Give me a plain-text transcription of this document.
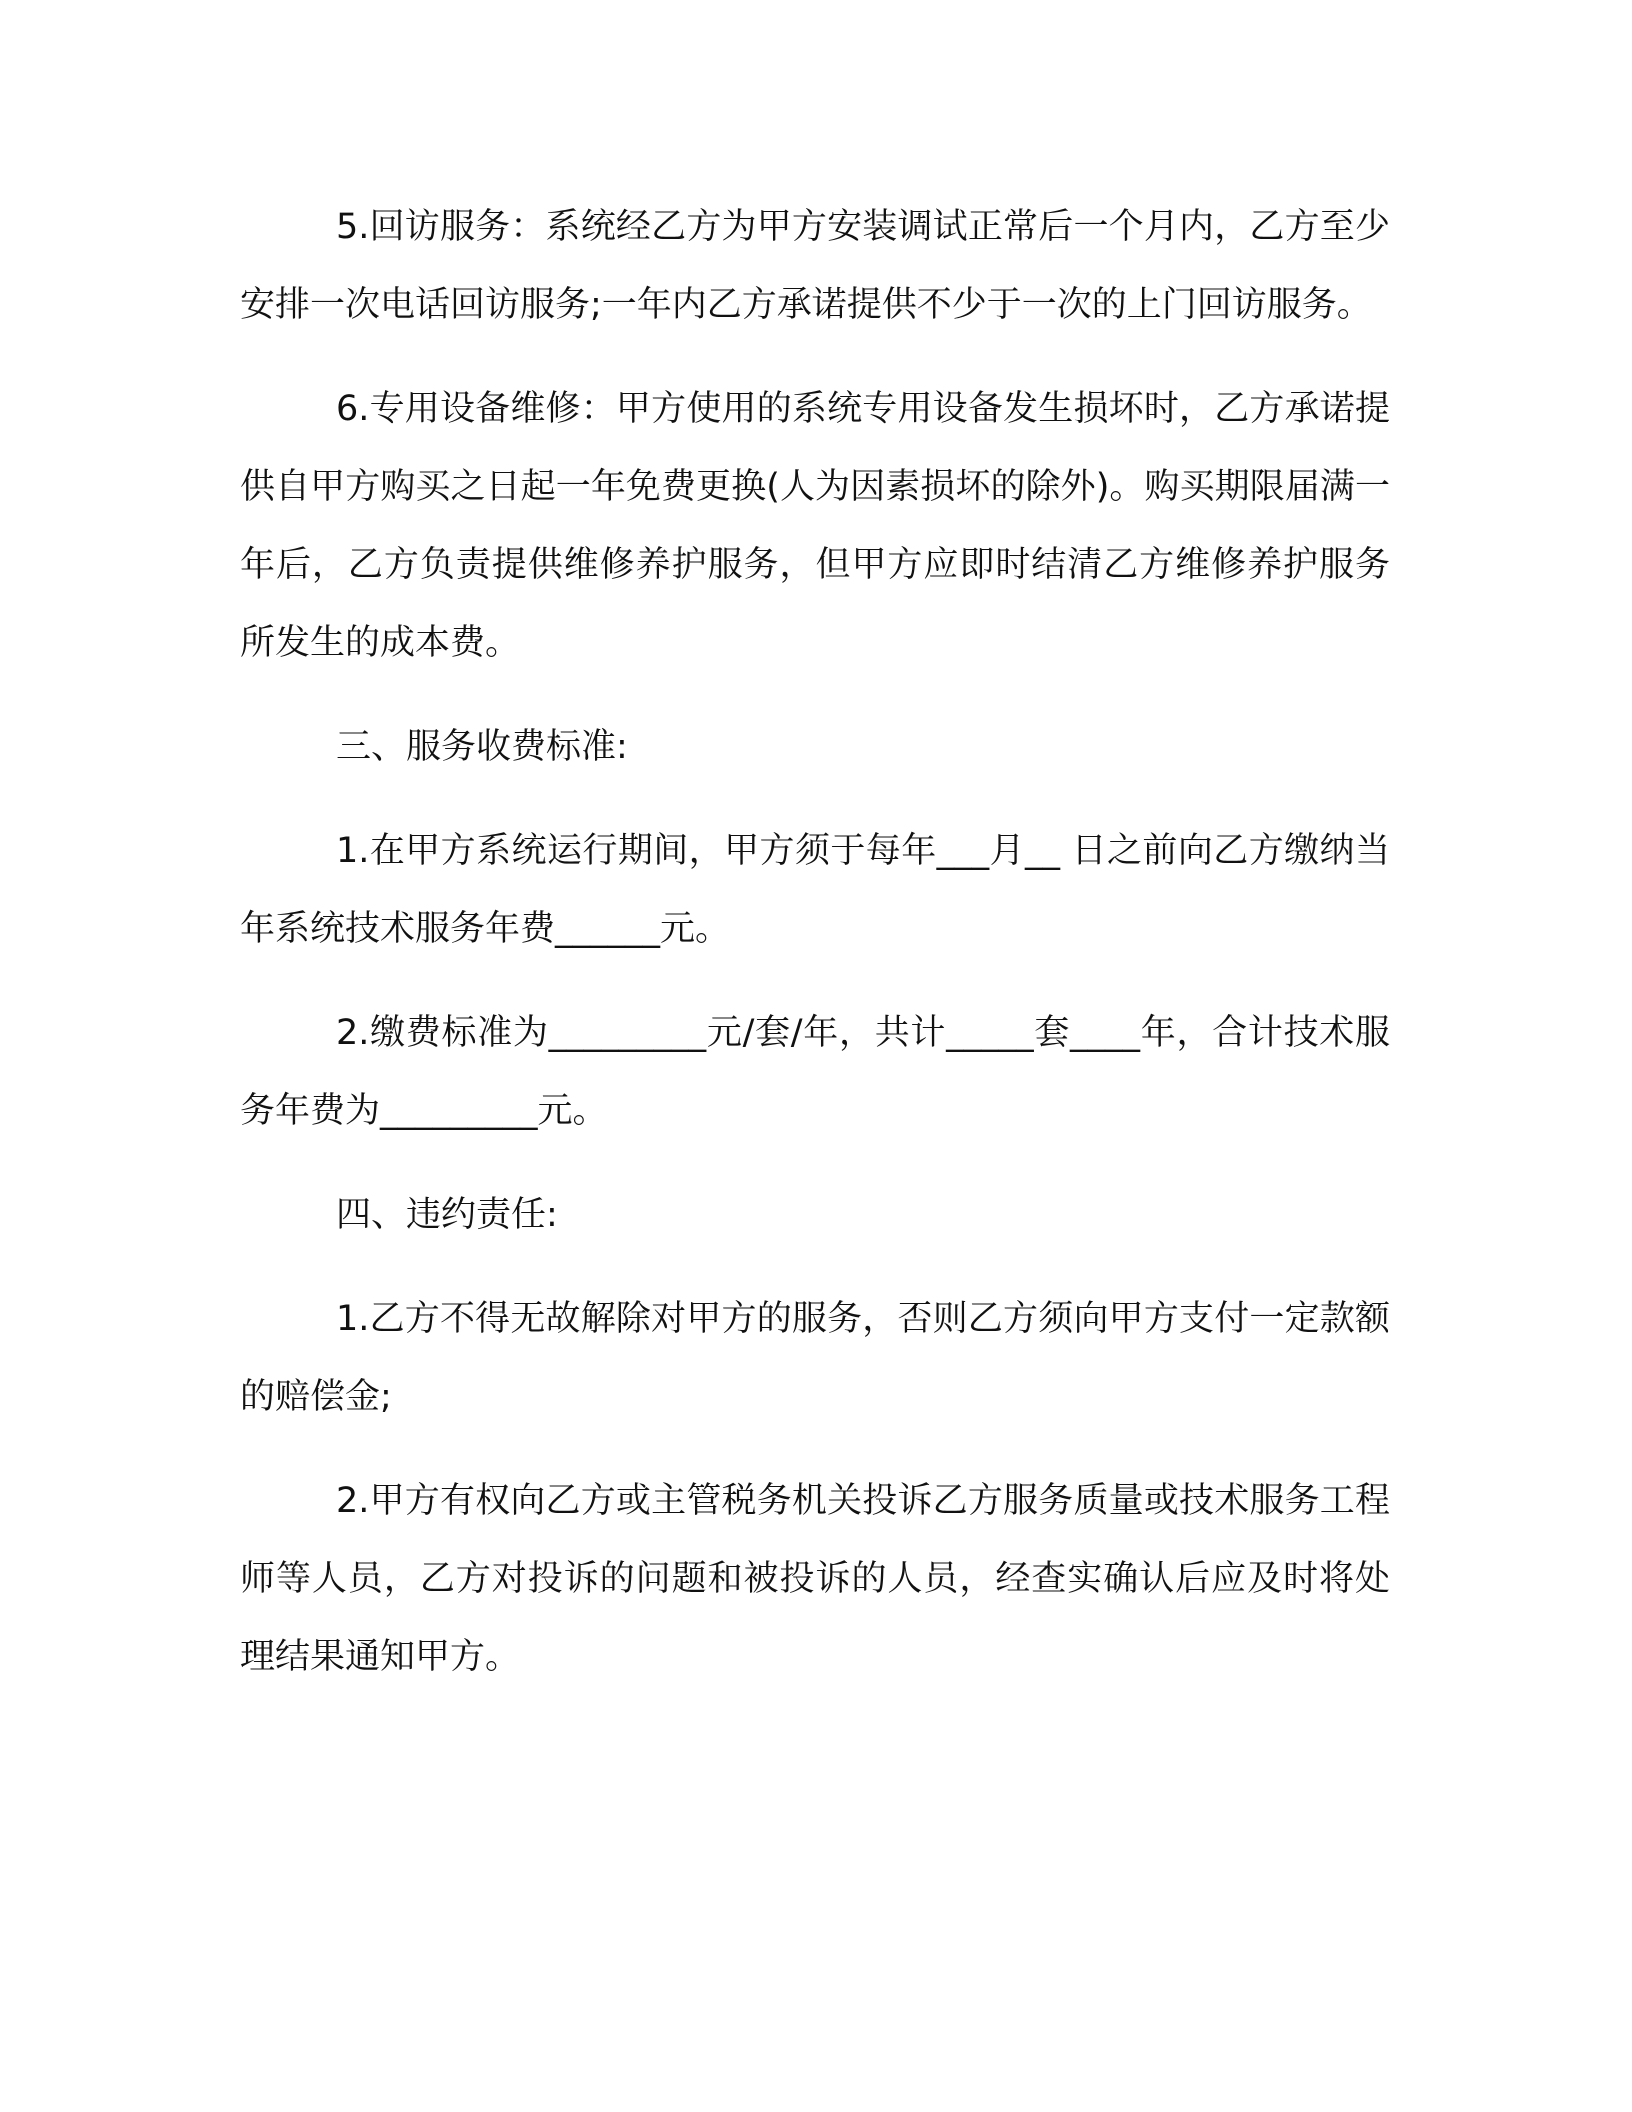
5.回访服务：系统经乙方为甲方安装调试正常后一个月内，乙方至少安排一次电话回访服务;一年内乙方承诺提供不少于一次的上门回访服务。

6.专用设备维修：甲方使用的系统专用设备发生损坏时，乙方承诺提供自甲方购买之日起一年免费更换(人为因素损坏的除外)。购买期限届满一年后，乙方负责提供维修养护服务，但甲方应即时结清乙方维修养护服务所发生的成本费。

三、服务收费标准:

1.在甲方系统运行期间，甲方须于每年___月__ 日之前向乙方缴纳当年系统技术服务年费______元。

2.缴费标准为_________元/套/年，共计_____套____年，合计技术服务年费为_________元。

四、违约责任:

1.乙方不得无故解除对甲方的服务，否则乙方须向甲方支付一定款额的赔偿金;

2.甲方有权向乙方或主管税务机关投诉乙方服务质量或技术服务工程师等人员，乙方对投诉的问题和被投诉的人员，经查实确认后应及时将处理结果通知甲方。
